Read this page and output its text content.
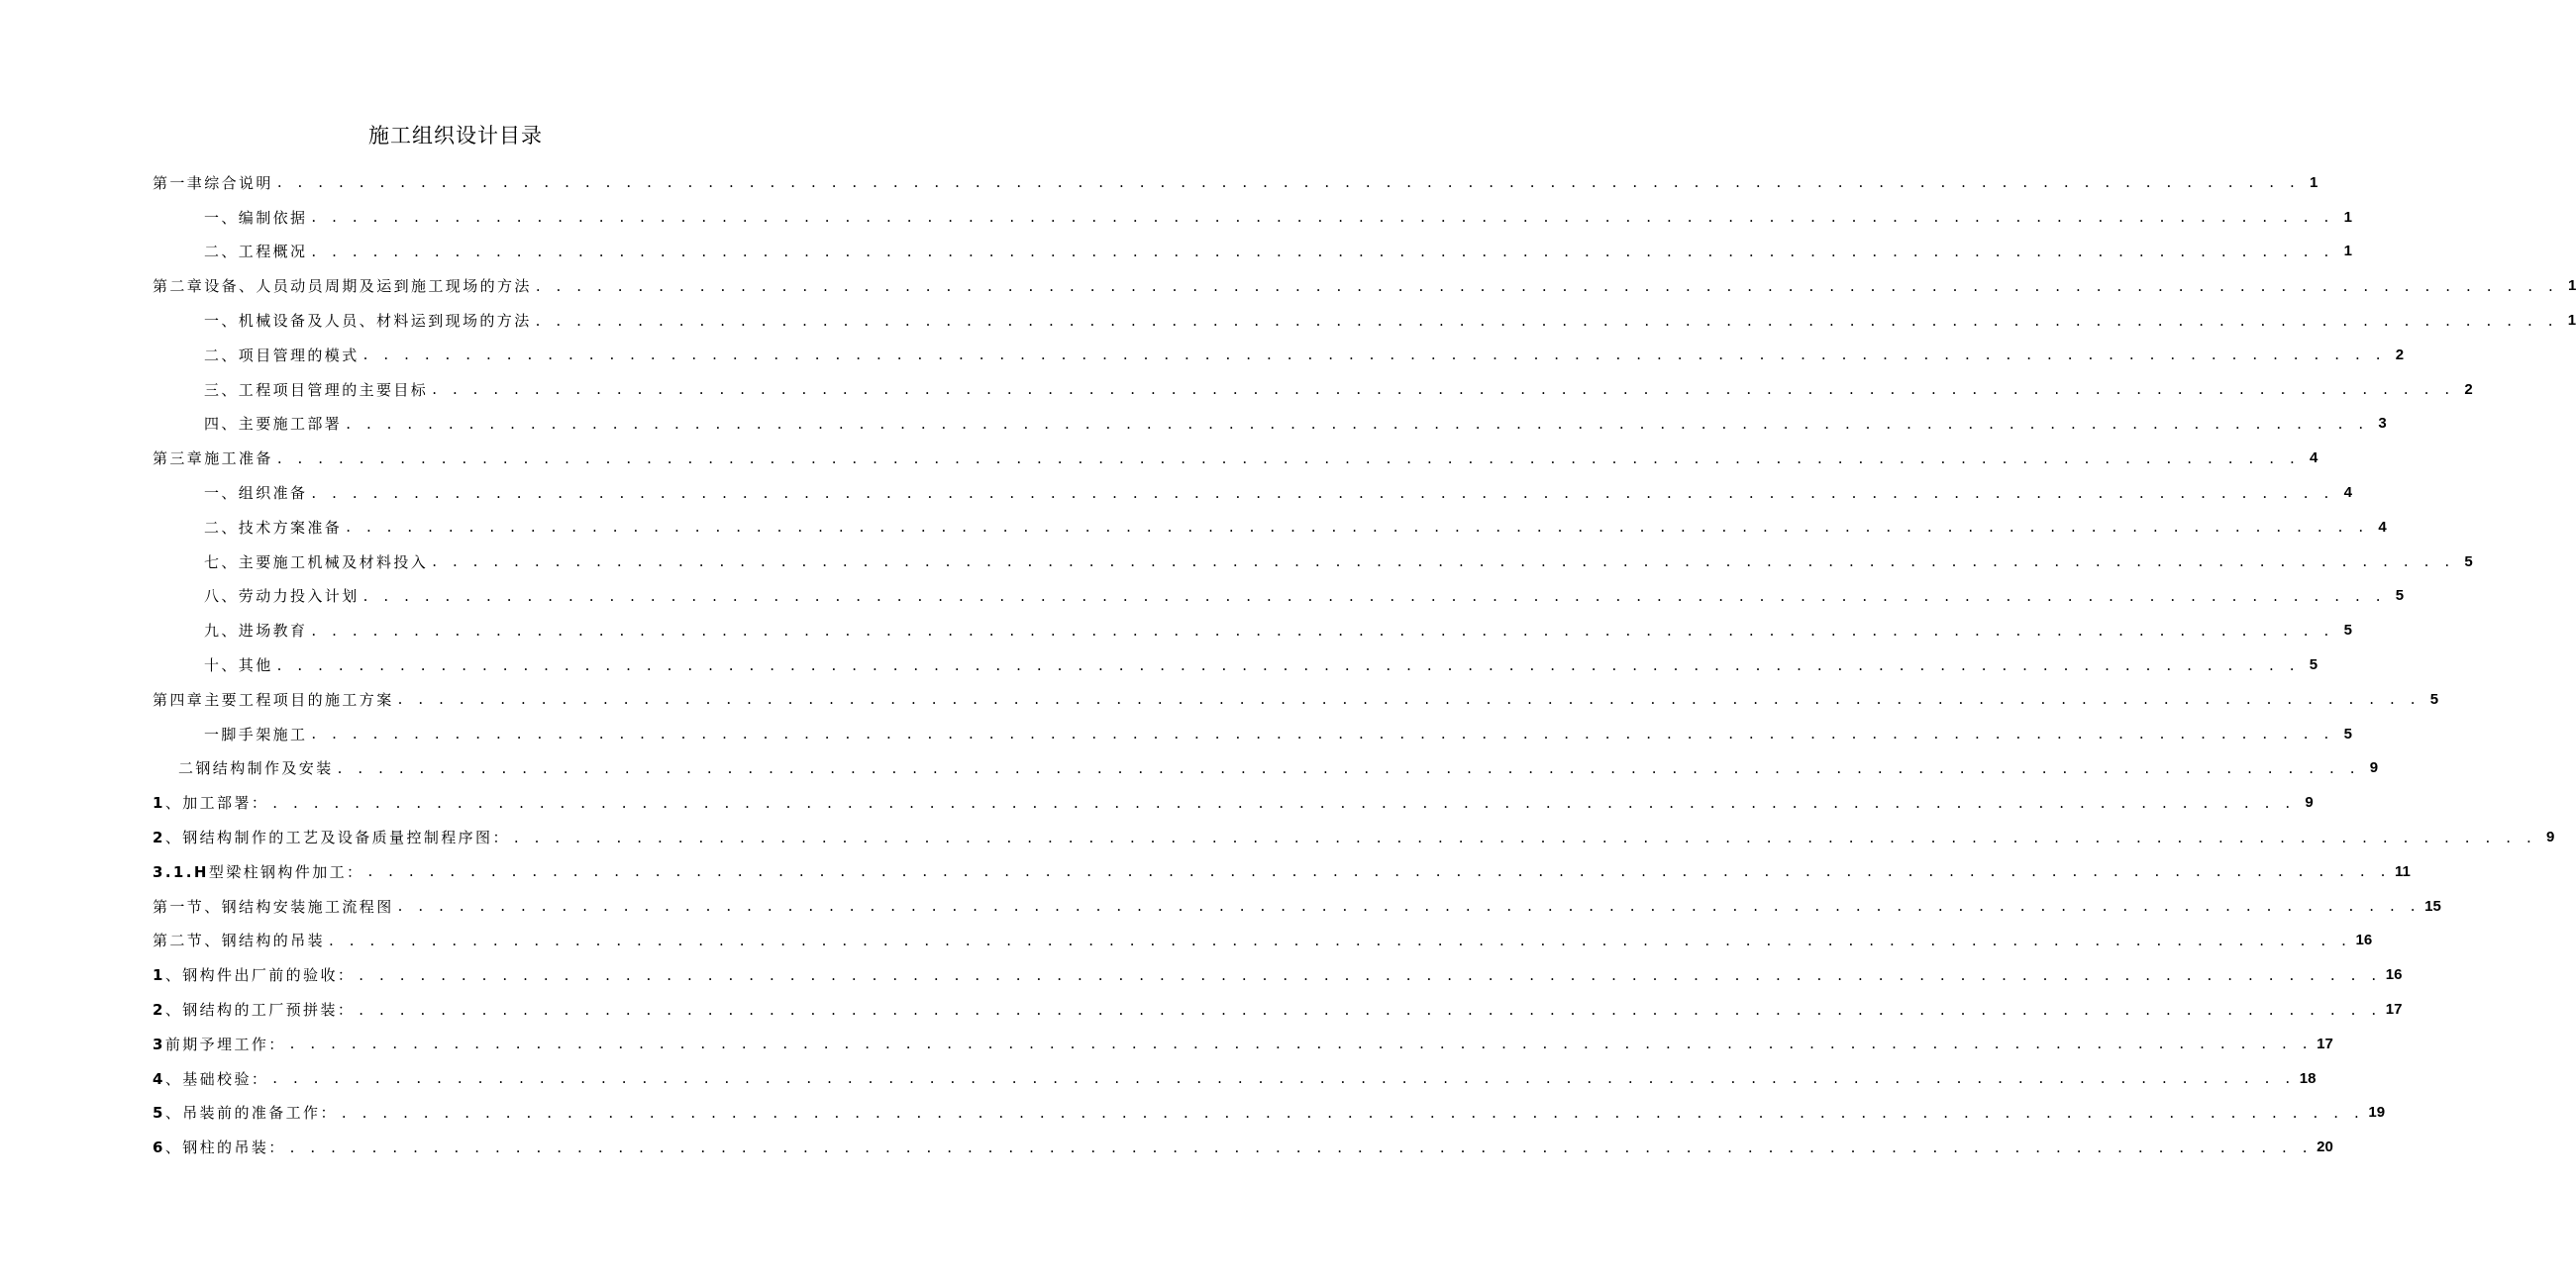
施工组织设计目录
第一聿综合说明 . . . . . . . . . . . . . . . . . . . . . . . . . . . . . . . . . . . . . . . . . . . . . . . . . . . . . . . . . . . . . . . . . . . . . . . . . . . . . . . . . . . . . . . . . . . . . . . . . . . 1
一、编制依据 . . . . . . . . . . . . . . . . . . . . . . . . . . . . . . . . . . . . . . . . . . . . . . . . . . . . . . . . . . . . . . . . . . . . . . . . . . . . . . . . . . . . . . . . . . . . . . . . . . . 1
二、工程概况 . . . . . . . . . . . . . . . . . . . . . . . . . . . . . . . . . . . . . . . . . . . . . . . . . . . . . . . . . . . . . . . . . . . . . . . . . . . . . . . . . . . . . . . . . . . . . . . . . . . 1
第二章设备、人员动员周期及运到施工现场的方法 . . . . . . . . . . . . . . . . . . . . . . . . . . . . . . . . . . . . . . . . . . . . . . . . . . . . . . . . . . . . . . . . . . . . . . . . . . . . . . . . . . . . . . . . . . . . . . . . . . . 1
一、机械设备及人员、材料运到现场的方法 . . . . . . . . . . . . . . . . . . . . . . . . . . . . . . . . . . . . . . . . . . . . . . . . . . . . . . . . . . . . . . . . . . . . . . . . . . . . . . . . . . . . . . . . . . . . . . . . . . . 1
二、项目管理的模式 . . . . . . . . . . . . . . . . . . . . . . . . . . . . . . . . . . . . . . . . . . . . . . . . . . . . . . . . . . . . . . . . . . . . . . . . . . . . . . . . . . . . . . . . . . . . . . . . . . . 2
三、工程项目管理的主要目标 . . . . . . . . . . . . . . . . . . . . . . . . . . . . . . . . . . . . . . . . . . . . . . . . . . . . . . . . . . . . . . . . . . . . . . . . . . . . . . . . . . . . . . . . . . . . . . . . . . . 2
四、主要施工部署 . . . . . . . . . . . . . . . . . . . . . . . . . . . . . . . . . . . . . . . . . . . . . . . . . . . . . . . . . . . . . . . . . . . . . . . . . . . . . . . . . . . . . . . . . . . . . . . . . . . 3
第三章施工准备 . . . . . . . . . . . . . . . . . . . . . . . . . . . . . . . . . . . . . . . . . . . . . . . . . . . . . . . . . . . . . . . . . . . . . . . . . . . . . . . . . . . . . . . . . . . . . . . . . . . 4
一、组织准备 . . . . . . . . . . . . . . . . . . . . . . . . . . . . . . . . . . . . . . . . . . . . . . . . . . . . . . . . . . . . . . . . . . . . . . . . . . . . . . . . . . . . . . . . . . . . . . . . . . . 4
二、技术方案准备 . . . . . . . . . . . . . . . . . . . . . . . . . . . . . . . . . . . . . . . . . . . . . . . . . . . . . . . . . . . . . . . . . . . . . . . . . . . . . . . . . . . . . . . . . . . . . . . . . . . 4
七、主要施工机械及材料投入 . . . . . . . . . . . . . . . . . . . . . . . . . . . . . . . . . . . . . . . . . . . . . . . . . . . . . . . . . . . . . . . . . . . . . . . . . . . . . . . . . . . . . . . . . . . . . . . . . . . 5
八、劳动力投入计划 . . . . . . . . . . . . . . . . . . . . . . . . . . . . . . . . . . . . . . . . . . . . . . . . . . . . . . . . . . . . . . . . . . . . . . . . . . . . . . . . . . . . . . . . . . . . . . . . . . . 5
九、进场教育 . . . . . . . . . . . . . . . . . . . . . . . . . . . . . . . . . . . . . . . . . . . . . . . . . . . . . . . . . . . . . . . . . . . . . . . . . . . . . . . . . . . . . . . . . . . . . . . . . . . 5
十、其他 . . . . . . . . . . . . . . . . . . . . . . . . . . . . . . . . . . . . . . . . . . . . . . . . . . . . . . . . . . . . . . . . . . . . . . . . . . . . . . . . . . . . . . . . . . . . . . . . . . . 5
第四章主要工程项目的施工方案 . . . . . . . . . . . . . . . . . . . . . . . . . . . . . . . . . . . . . . . . . . . . . . . . . . . . . . . . . . . . . . . . . . . . . . . . . . . . . . . . . . . . . . . . . . . . . . . . . . . 5
一脚手架施工 . . . . . . . . . . . . . . . . . . . . . . . . . . . . . . . . . . . . . . . . . . . . . . . . . . . . . . . . . . . . . . . . . . . . . . . . . . . . . . . . . . . . . . . . . . . . . . . . . . . 5
二钢结构制作及安装 . . . . . . . . . . . . . . . . . . . . . . . . . . . . . . . . . . . . . . . . . . . . . . . . . . . . . . . . . . . . . . . . . . . . . . . . . . . . . . . . . . . . . . . . . . . . . . . . . . . 9
1、加工部署： . . . . . . . . . . . . . . . . . . . . . . . . . . . . . . . . . . . . . . . . . . . . . . . . . . . . . . . . . . . . . . . . . . . . . . . . . . . . . . . . . . . . . . . . . . . . . . . . . . . 9
2、钢结构制作的工艺及设备质量控制程序图： . . . . . . . . . . . . . . . . . . . . . . . . . . . . . . . . . . . . . . . . . . . . . . . . . . . . . . . . . . . . . . . . . . . . . . . . . . . . . . . . . . . . . . . . . . . . . . . . . . . 9
3.1.H型梁柱钢构件加工： . . . . . . . . . . . . . . . . . . . . . . . . . . . . . . . . . . . . . . . . . . . . . . . . . . . . . . . . . . . . . . . . . . . . . . . . . . . . . . . . . . . . . . . . . . . . . . . . . . . 11
第一节、钢结构安装施工流程图 . . . . . . . . . . . . . . . . . . . . . . . . . . . . . . . . . . . . . . . . . . . . . . . . . . . . . . . . . . . . . . . . . . . . . . . . . . . . . . . . . . . . . . . . . . . . . . . . . . . 15
第二节、钢结构的吊装 . . . . . . . . . . . . . . . . . . . . . . . . . . . . . . . . . . . . . . . . . . . . . . . . . . . . . . . . . . . . . . . . . . . . . . . . . . . . . . . . . . . . . . . . . . . . . . . . . . . 16
1、钢构件出厂前的验收： . . . . . . . . . . . . . . . . . . . . . . . . . . . . . . . . . . . . . . . . . . . . . . . . . . . . . . . . . . . . . . . . . . . . . . . . . . . . . . . . . . . . . . . . . . . . . . . . . . . 16
2、钢结构的工厂预拼装： . . . . . . . . . . . . . . . . . . . . . . . . . . . . . . . . . . . . . . . . . . . . . . . . . . . . . . . . . . . . . . . . . . . . . . . . . . . . . . . . . . . . . . . . . . . . . . . . . . . 17
3前期予埋工作： . . . . . . . . . . . . . . . . . . . . . . . . . . . . . . . . . . . . . . . . . . . . . . . . . . . . . . . . . . . . . . . . . . . . . . . . . . . . . . . . . . . . . . . . . . . . . . . . . . . 17
4、基础校验： . . . . . . . . . . . . . . . . . . . . . . . . . . . . . . . . . . . . . . . . . . . . . . . . . . . . . . . . . . . . . . . . . . . . . . . . . . . . . . . . . . . . . . . . . . . . . . . . . . . 18
5、吊装前的准备工作： . . . . . . . . . . . . . . . . . . . . . . . . . . . . . . . . . . . . . . . . . . . . . . . . . . . . . . . . . . . . . . . . . . . . . . . . . . . . . . . . . . . . . . . . . . . . . . . . . . . 19
6、钢柱的吊装： . . . . . . . . . . . . . . . . . . . . . . . . . . . . . . . . . . . . . . . . . . . . . . . . . . . . . . . . . . . . . . . . . . . . . . . . . . . . . . . . . . . . . . . . . . . . . . . . . . . 20
